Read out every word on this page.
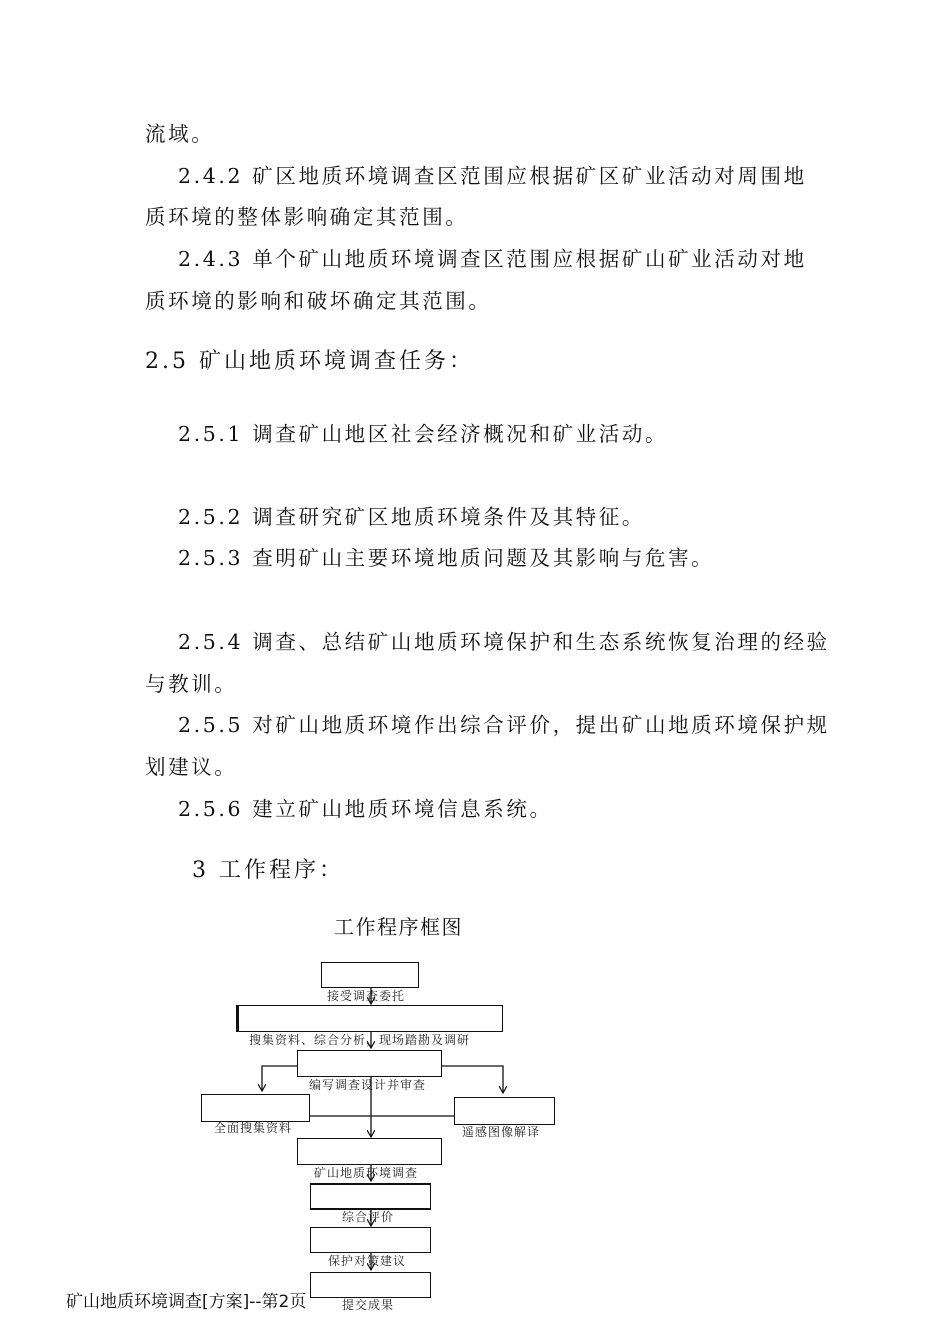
流域。
2.4.2 矿区地质环境调查区范围应根据矿区矿业活动对周围地
质环境的整体影响确定其范围。
2.4.3 单个矿山地质环境调查区范围应根据矿山矿业活动对地
质环境的影响和破坏确定其范围。
2.5 矿山地质环境调查任务：
2.5.1 调查矿山地区社会经济概况和矿业活动。
2.5.2 调查研究矿区地质环境条件及其特征。
2.5.3 查明矿山主要环境地质问题及其影响与危害。
2.5.4 调查、总结矿山地质环境保护和生态系统恢复治理的经验
与教训。
2.5.5 对矿山地质环境作出综合评价，提出矿山地质环境保护规
划建议。
2.5.6 建立矿山地质环境信息系统。
3 工作程序：
工作程序框图
接受调查委托
搜集资料、综合分析，现场踏勘及调研
编写调查设计并审查
全面搜集资料	遥感图像解译
矿山地质环境调查
综合评价
保护对策建议
提交成果
矿山地质环境调查[方案]--第2页
